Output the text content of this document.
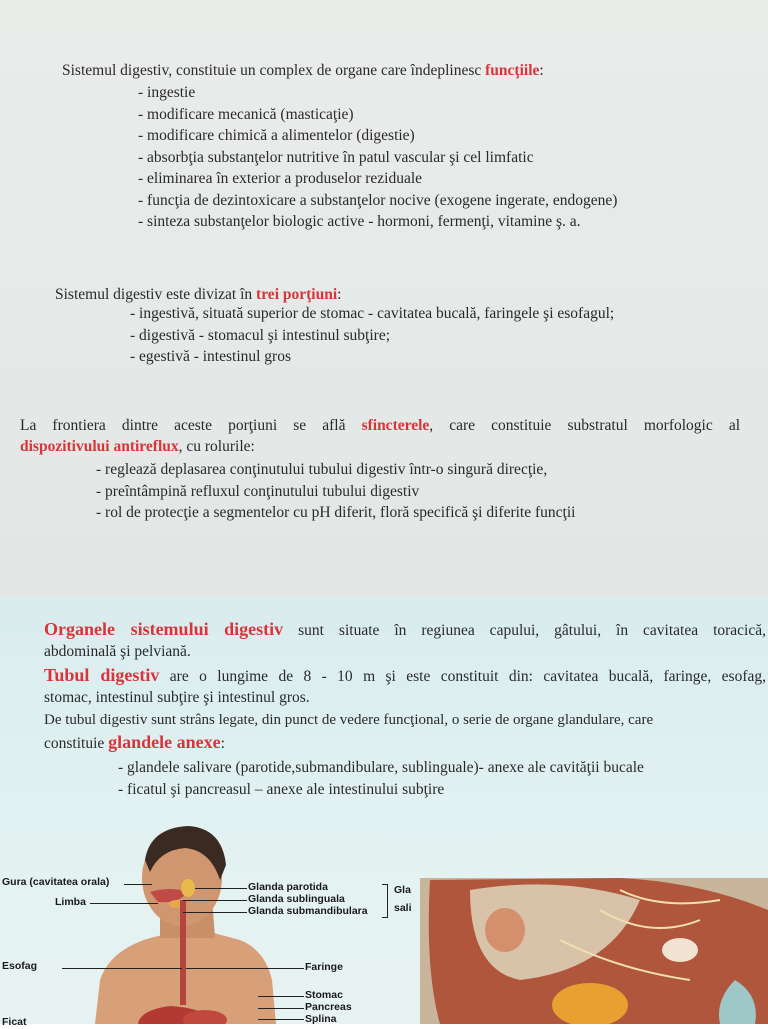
Sistemul digestiv, constituie un complex de organe care îndeplinesc funcţiile:
- ingestie
- modificare mecanică (masticaţie)
- modificare chimică a alimentelor (digestie)
- absorbţia substanţelor nutritive în patul vascular şi cel limfatic
- eliminarea în exterior a produselor reziduale
- funcţia de dezintoxicare a substanţelor nocive (exogene ingerate, endogene)
- sinteza substanţelor biologic active - hormoni, fermenţi, vitamine ş. a.
Sistemul digestiv este divizat în trei porţiuni:
- ingestivă, situată superior de stomac - cavitatea bucală, faringele şi esofagul;
- digestivă - stomacul şi intestinul subţire;
- egestivă - intestinul gros
La frontiera dintre aceste porţiuni se află sfincterele, care constituie substratul morfologic al
dispozitivului antireflux, cu rolurile:
- reglează deplasarea conţinutului tubului digestiv într-o singură direcţie,
- preîntâmpină refluxul conţinutului tubului digestiv
- rol de protecţie a segmentelor cu pH diferit, floră specifică şi diferite funcţii
Organele sistemului digestiv sunt situate în regiunea capului, gâtului, în cavitatea toracică,
abdominală şi pelviană.
Tubul digestiv are o lungime de 8 - 10 m şi este constituit din: cavitatea bucală, faringe, esofag,
stomac, intestinul subţire şi intestinul gros.
De tubul digestiv sunt strâns legate, din punct de vedere funcţional, o serie de organe glandulare, care
constituie glandele anexe:
- glandele salivare (parotide,submandibulare, sublinguale)- anexe ale cavităţii bucale
- ficatul şi pancreasul – anexe ale intestinului subţire
Gura (cavitatea orala)
Limba
Esofag
Ficat
Glanda parotida
Glanda sublinguala
Glanda submandibulara
Gla
sali
Faringe
Stomac
Pancreas
Splina
